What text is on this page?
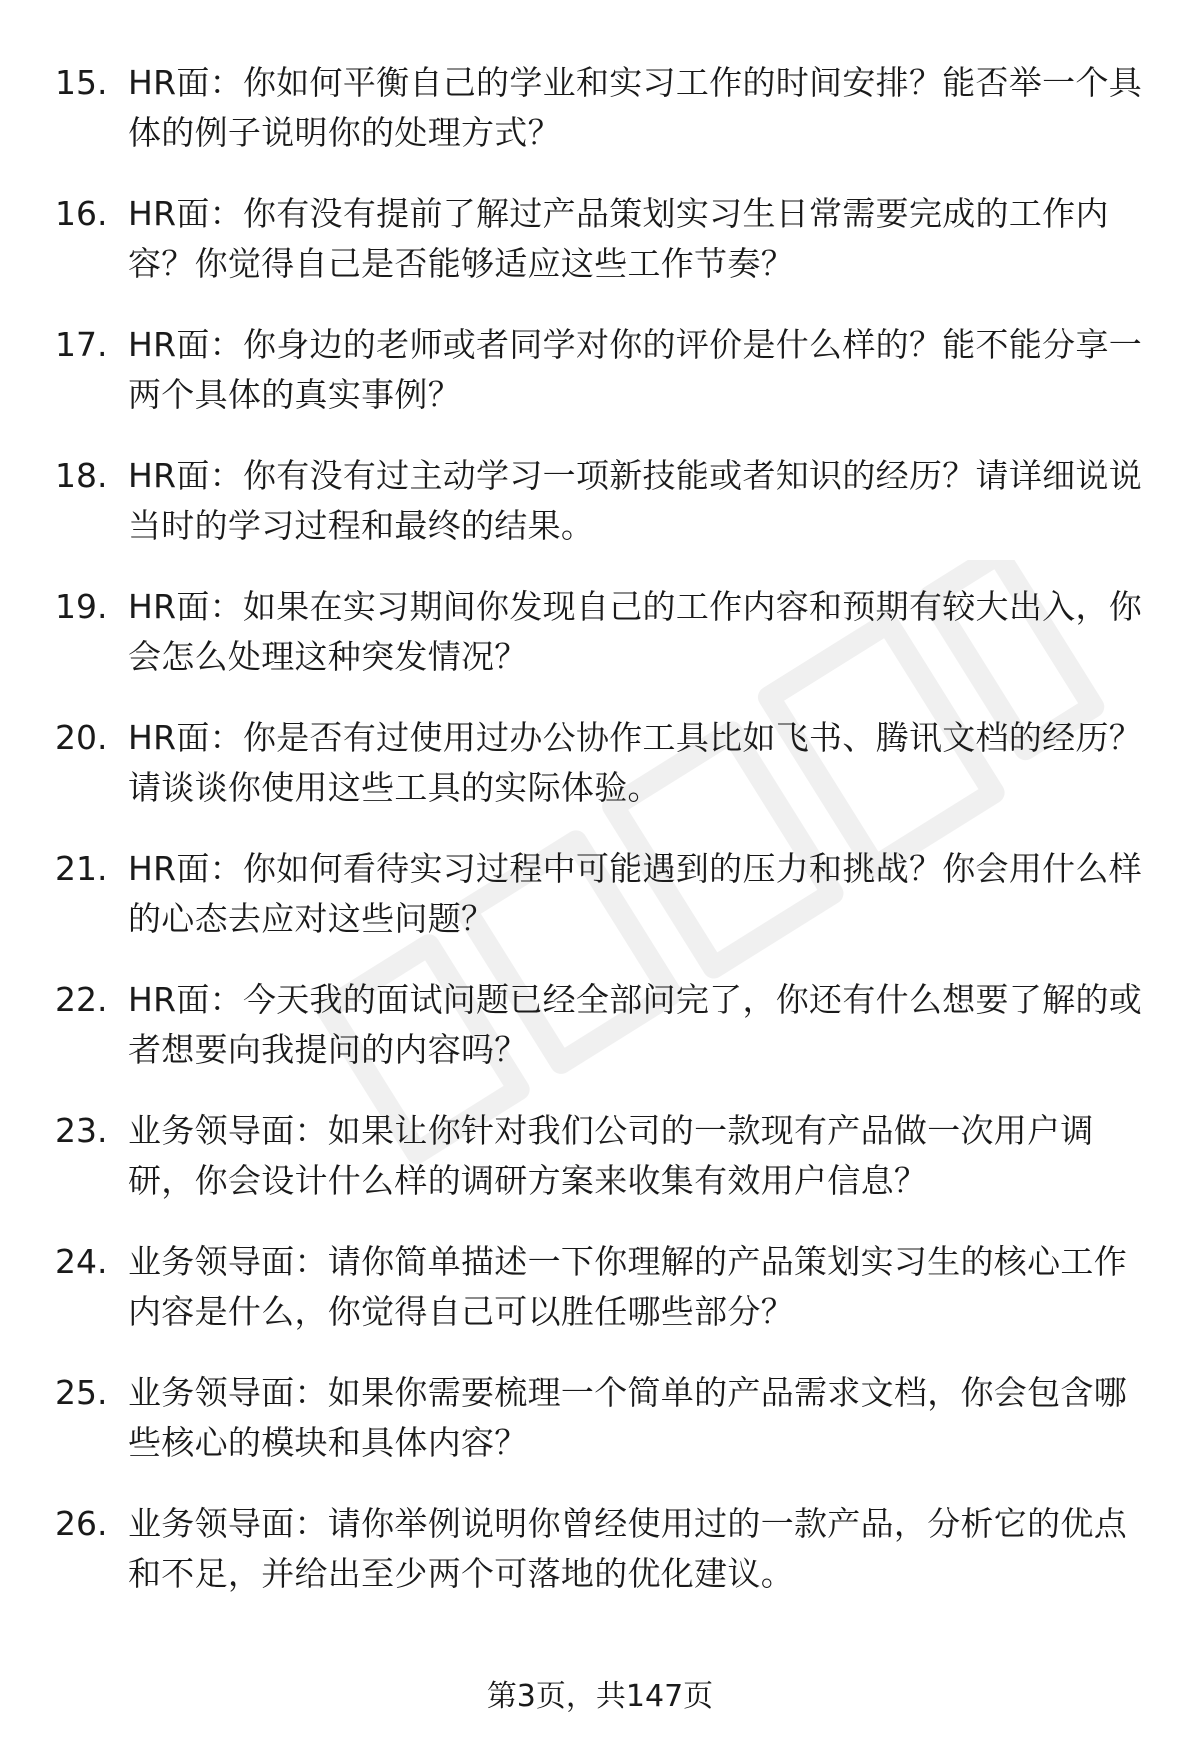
15. HR面：你如何平衡自己的学业和实习工作的时间安排？能否举一个具体的例子说明你的处理方式？
16. HR面：你有没有提前了解过产品策划实习生日常需要完成的工作内容？你觉得自己是否能够适应这些工作节奏？
17. HR面：你身边的老师或者同学对你的评价是什么样的？能不能分享一两个具体的真实事例？
18. HR面：你有没有过主动学习一项新技能或者知识的经历？请详细说说当时的学习过程和最终的结果。
19. HR面：如果在实习期间你发现自己的工作内容和预期有较大出入，你会怎么处理这种突发情况？
20. HR面：你是否有过使用过办公协作工具比如飞书、腾讯文档的经历？请谈谈你使用这些工具的实际体验。
21. HR面：你如何看待实习过程中可能遇到的压力和挑战？你会用什么样的心态去应对这些问题？
22. HR面：今天我的面试问题已经全部问完了，你还有什么想要了解的或者想要向我提问的内容吗？
23. 业务领导面：如果让你针对我们公司的一款现有产品做一次用户调研，你会设计什么样的调研方案来收集有效用户信息？
24. 业务领导面：请你简单描述一下你理解的产品策划实习生的核心工作内容是什么，你觉得自己可以胜任哪些部分？
25. 业务领导面：如果你需要梳理一个简单的产品需求文档，你会包含哪些核心的模块和具体内容？
26. 业务领导面：请你举例说明你曾经使用过的一款产品，分析它的优点和不足，并给出至少两个可落地的优化建议。
第3页，共147页
